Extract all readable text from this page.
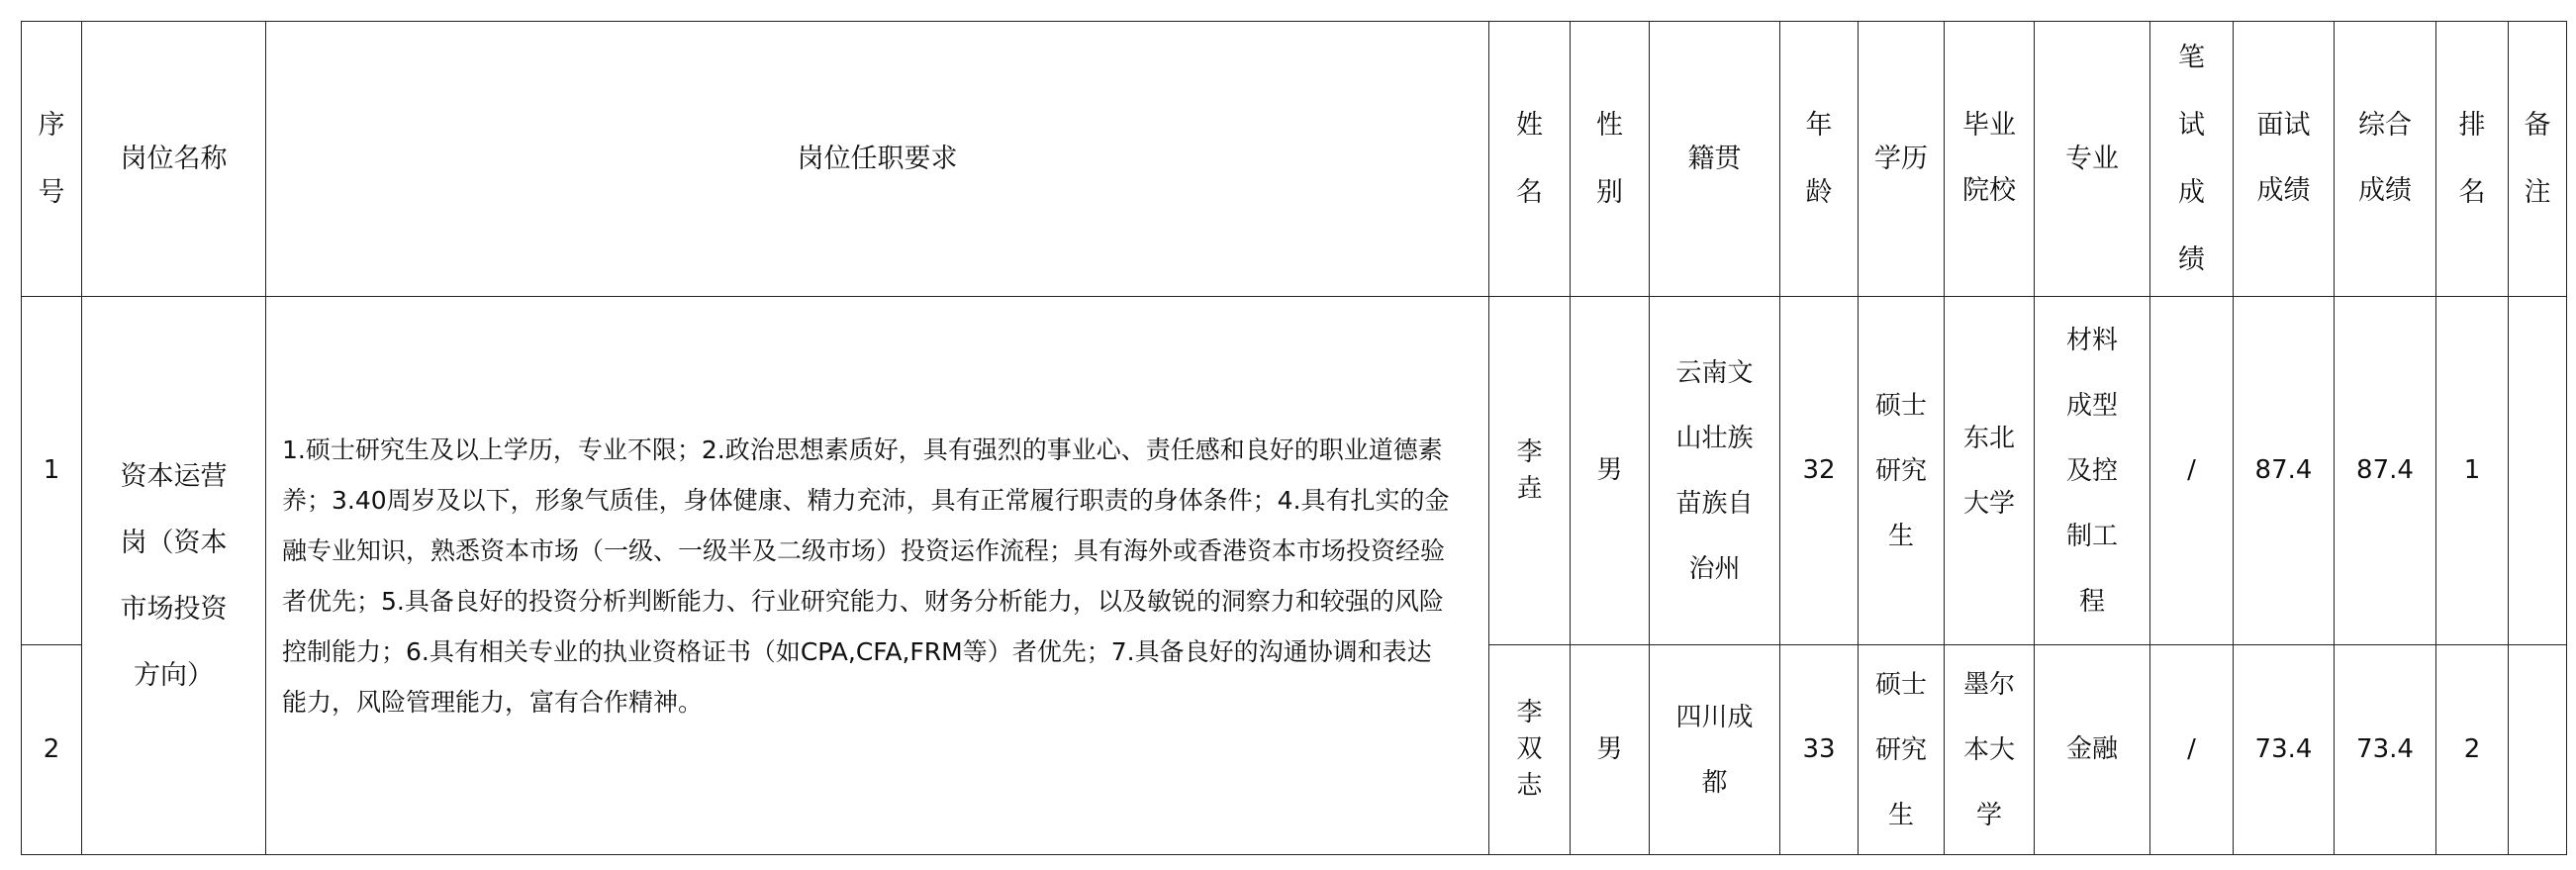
序号	岗位名称	岗位任职要求	姓名	性别	籍贯	年龄	学历	毕业院校	专业	笔试成绩	面试成绩	综合成绩	排名	备注
1	资本运营岗（资本市场投资方向）	1.硕士研究生及以上学历，专业不限；2.政治思想素质好，具有强烈的事业心、责任感和良好的职业道德素养；3.40周岁及以下，形象气质佳，身体健康、精力充沛，具有正常履行职责的身体条件；4.具有扎实的金融专业知识，熟悉资本市场（一级、一级半及二级市场）投资运作流程；具有海外或香港资本市场投资经验者优先；5.具备良好的投资分析判断能力、行业研究能力、财务分析能力，以及敏锐的洞察力和较强的风险控制能力；6.具有相关专业的执业资格证书（如CPA,CFA,FRM等）者优先；7.具备良好的沟通协调和表达能力，风险管理能力，富有合作精神。	李垚	男	云南文山壮族苗族自治州	32	硕士研究生	东北大学	材料成型及控制工程	/	87.4	87.4	1	
2			李双志	男	四川成都	33	硕士研究生	墨尔本大学	金融	/	73.4	73.4	2	
